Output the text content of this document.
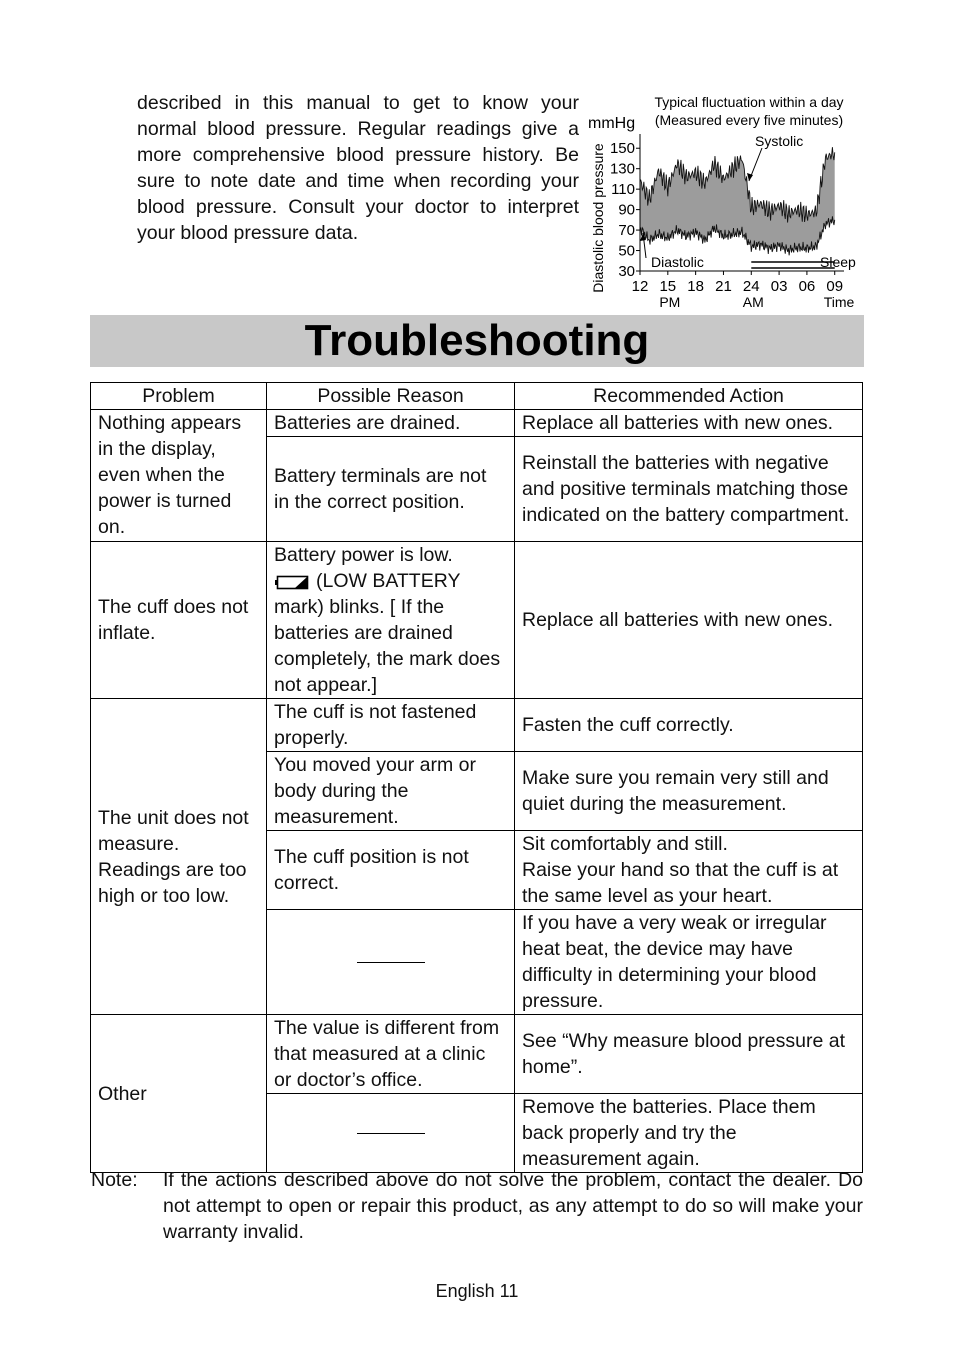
described in this manual to get to know your normal blood pressure. Regular readings give a more comprehensive blood pressure history. Be sure to note date and time when recording your blood pressure. Consult your doctor to interpret your blood pressure data.

Typical fluctuation within a day
(Measured every five minutes)
mmHg
Diastolic blood pressure 150
130
110
90
70
50
30
12 15 18 21 24 03 06 09
PM	AM	Time
Systolic
Diastolic	Sleep
Troubleshooting
Problem	Possible Reason	Recommended Action
Nothing appears
in the display,
even when the
power is turned
on.	Batteries are drained.	Replace all batteries with new ones.
	Battery terminals are not in the correct position.	Reinstall the batteries with negative and positive terminals matching those indicated on the battery compartment.
The cuff does not inflate.	Battery power is low.
(LOW BATTERY
mark) blinks. [ If the batteries are drained completely, the mark does not appear.]	Replace all batteries with new ones.
The unit does not measure. Readings are too high or too low.	The cuff is not fastened properly.	Fasten the cuff correctly.
	You moved your arm or body during the measurement.	Make sure you remain very still and quiet during the measurement.
	The cuff position is not correct.	Sit comfortably and still.
Raise your hand so that the cuff is at the same level as your heart.

		If you have a very weak or irregular heat beat, the device may have difficulty in determining your blood pressure.
Other	The value is different from that measured at a clinic or doctor’s office.	See “Why measure blood pressure at home”.

		Remove the batteries. Place them back properly and try the measurement again.
Note: If the actions described above do not solve the problem, contact the dealer. Do not attempt to open or repair this product, as any attempt to do so will make your warranty invalid.
English 11
